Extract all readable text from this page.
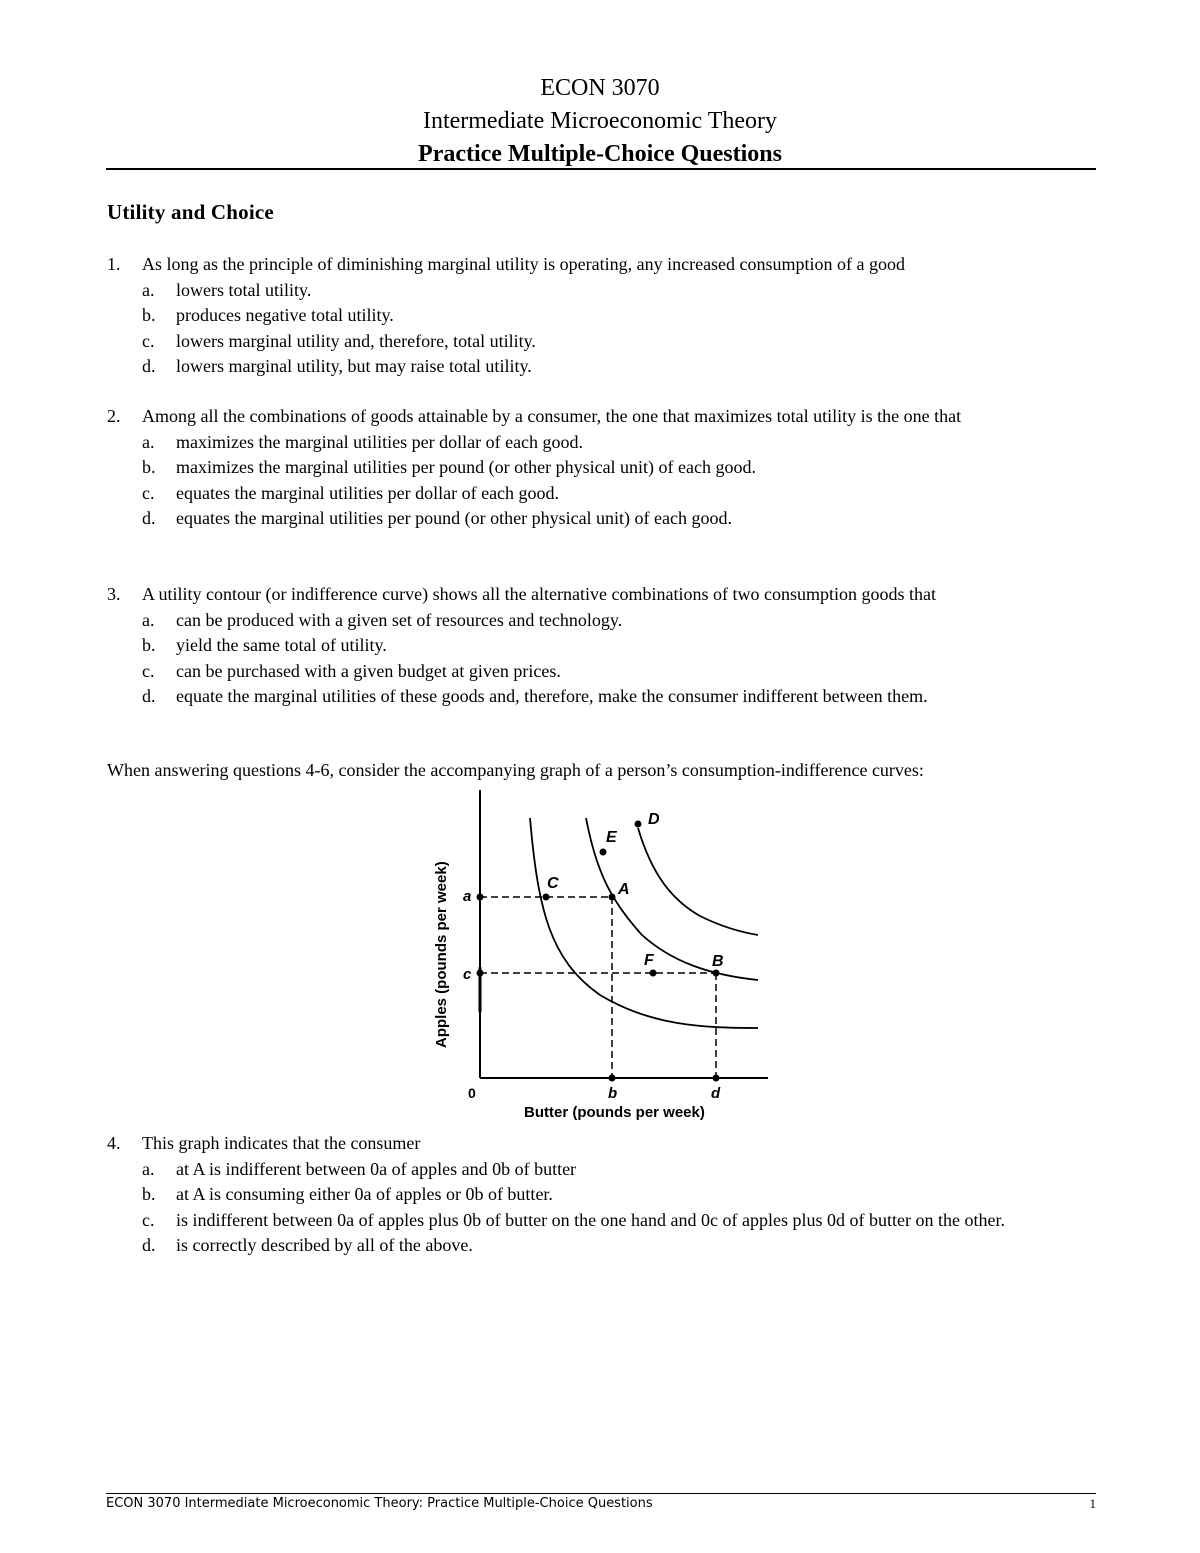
ECON 3070
Intermediate Microeconomic Theory
Practice Multiple-Choice Questions
Utility and Choice
1. As long as the principle of diminishing marginal utility is operating, any increased consumption of a good
a. lowers total utility.
b. produces negative total utility.
c. lowers marginal utility and, therefore, total utility.
d. lowers marginal utility, but may raise total utility.
2. Among all the combinations of goods attainable by a consumer, the one that maximizes total utility is the one that
a. maximizes the marginal utilities per dollar of each good.
b. maximizes the marginal utilities per pound (or other physical unit) of each good.
c. equates the marginal utilities per dollar of each good.
d. equates the marginal utilities per pound (or other physical unit) of each good.
3. A utility contour (or indifference curve) shows all the alternative combinations of two consumption goods that
a. can be produced with a given set of resources and technology.
b. yield the same total of utility.
c. can be purchased with a given budget at given prices.
d. equate the marginal utilities of these goods and, therefore, make the consumer indifferent between them.
When answering questions 4-6, consider the accompanying graph of a person’s consumption-indifference curves:
A
B
C
D
E
F
a
c
b	d
0
Butter (pounds per week)
Apples (pounds per week)
4. This graph indicates that the consumer
a. at A is indifferent between 0a of apples and 0b of butter
b. at A is consuming either 0a of apples or 0b of butter.
c. is indifferent between 0a of apples plus 0b of butter on the one hand and 0c of apples plus 0d of butter on the other.
d. is correctly described by all of the above.
ECON 3070 Intermediate Microeconomic Theory: Practice Multiple-Choice Questions	1
